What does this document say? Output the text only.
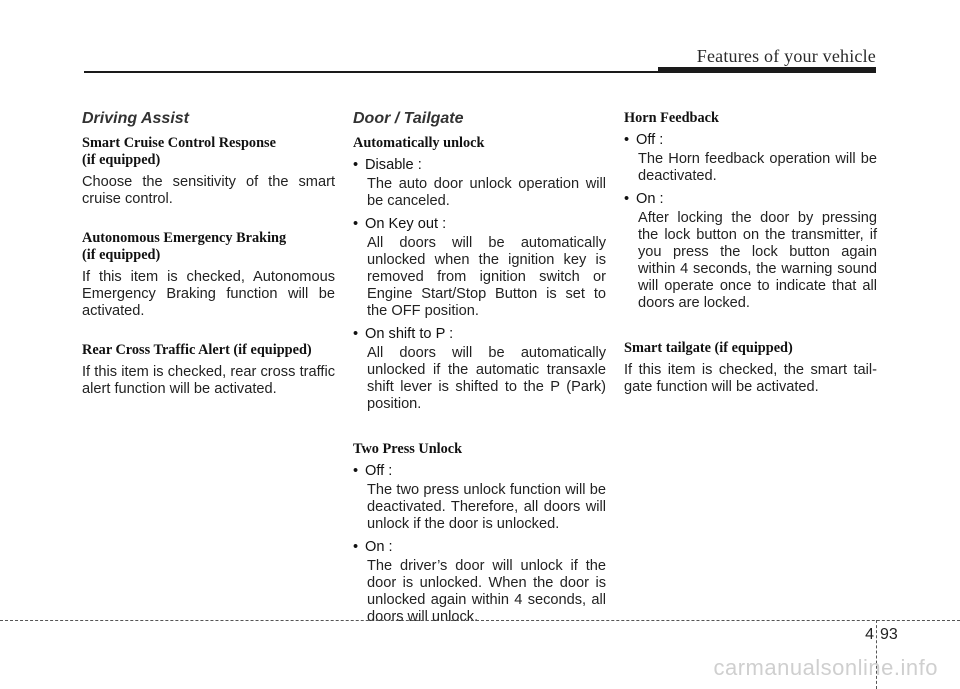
Features of your vehicle
Driving Assist
Smart Cruise Control Response
(if equipped)

Choose the sensitivity of the smart cruise control.

Autonomous Emergency Braking
(if equipped)

If this item is checked, Autonomous Emergency Braking function will be activated.

Rear Cross Traffic Alert (if equipped)

If this item is checked, rear cross traffic alert function will be activated.

Door / Tailgate
Automatically unlock

• Disable :

The auto door unlock operation will be canceled.

• On Key out :

All doors will be automatically unlocked when the ignition key is removed from ignition switch or Engine Start/Stop Button is set to the OFF position.

• On shift to P :

All doors will be automatically unlocked if the automatic transaxle shift lever is shifted to the P (Park) position.

Two Press Unlock

• Off :

The two press unlock function will be deactivated. Therefore, all doors will unlock if the door is unlocked.

• On :

The driver’s door will unlock if the door is unlocked. When the door is unlocked again within 4 seconds, all doors will unlock.

Horn Feedback

• Off :

The Horn feedback operation will be deactivated.

• On :

After locking the door by pressing the lock button on the transmitter, if you press the lock button again within 4 seconds, the warning sound will operate once to indicate that all doors are locked.

Smart tailgate (if equipped)

If this item is checked, the smart tail-gate function will be activated.

4 93
carmanualsonline.info
